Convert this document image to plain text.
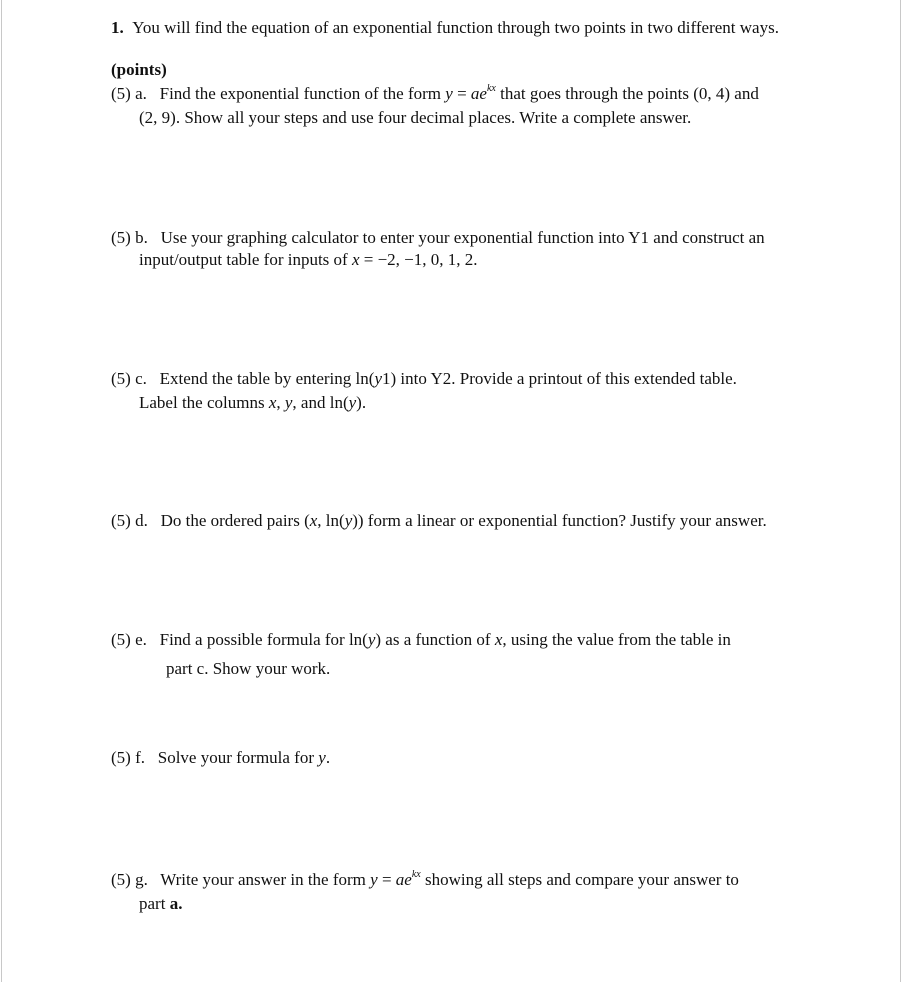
1. You will find the equation of an exponential function through two points in two different ways.
(points)
(5) a. Find the exponential function of the form $y = ae^{kx}$ that goes through the points (0, 4) and
(2, 9). Show all your steps and use four decimal places. Write a complete answer.
(5) b. Use your graphing calculator to enter your exponential function into Y1 and construct an
input/output table for inputs of x = −2, −1, 0, 1, 2.
(5) c. Extend the table by entering ln(y1) into Y2. Provide a printout of this extended table.
Label the columns x, y, and ln(y).
(5) d. Do the ordered pairs (x, ln(y)) form a linear or exponential function? Justify your answer.
(5) e. Find a possible formula for ln(y) as a function of x, using the value from the table in
part c. Show your work.
(5) f. Solve your formula for y.
(5) g. Write your answer in the form $y = ae^{kx}$ showing all steps and compare your answer to
part a.
